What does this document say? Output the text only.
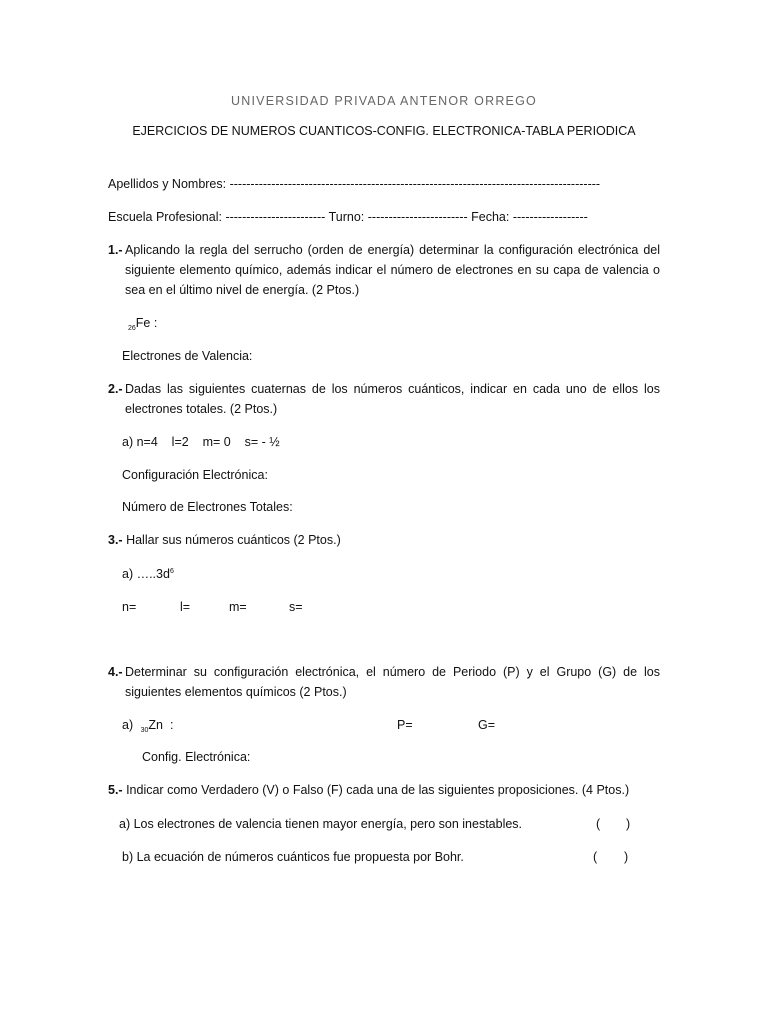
UNIVERSIDAD PRIVADA ANTENOR ORREGO
EJERCICIOS DE NUMEROS CUANTICOS-CONFIG. ELECTRONICA-TABLA PERIODICA
Apellidos y Nombres: -----------------------------------------------------------------------------------------
Escuela Profesional: ------------------------ Turno: ------------------------ Fecha: ------------------
1.- Aplicando la regla del serrucho (orden de energía) determinar la configuración electrónica del
siguiente elemento químico, además indicar el número de electrones en su capa de valencia o
sea en el último nivel de energía. (2 Ptos.)
$_{26}$Fe :
Electrones de Valencia:
2.- Dadas las siguientes cuaternas de los números cuánticos, indicar en cada uno de ellos los
electrones totales. (2 Ptos.)
a) n=4    l=2    m= 0    s= - ½
Configuración Electrónica:
Número de Electrones Totales:
3.- Hallar sus números cuánticos (2 Ptos.)
a) $\dots..3d^6$
n=	l=	m=	s=
4.- Determinar su configuración electrónica, el número de Periodo (P) y el Grupo (G) de los
siguientes elementos químicos (2 Ptos.)
a) $_{30}$Zn  :	P=	G=
Config. Electrónica:
5.- Indicar como Verdadero (V) o Falso (F) cada una de las siguientes proposiciones. (4 Ptos.)
a) Los electrones de valencia tienen mayor energía, pero son inestables.	( )
b) La ecuación de números cuánticos fue propuesta por Bohr.	( )
